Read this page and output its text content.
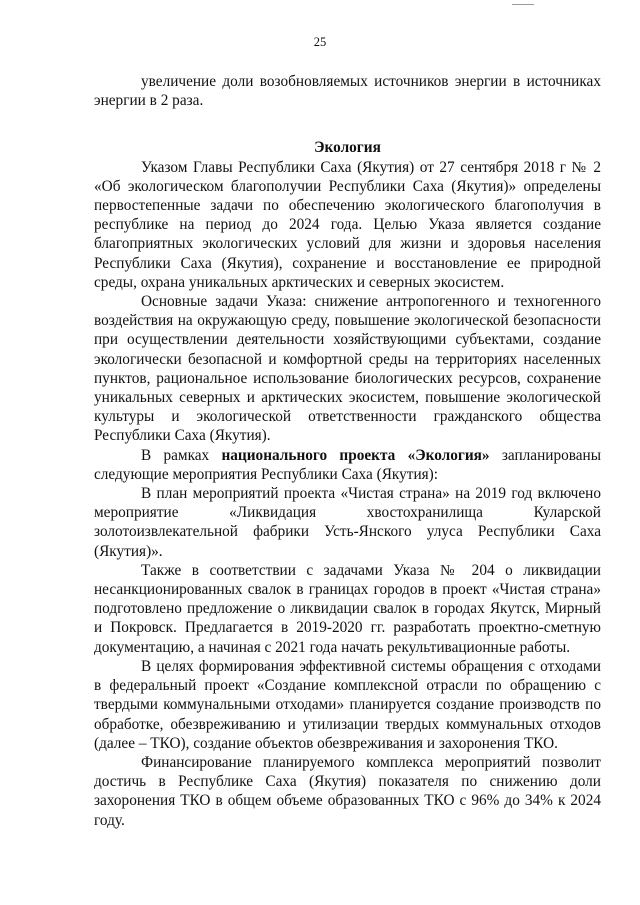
25

увеличение доли возобновляемых источников энергии в источниках энергии в 2 раза.

Экология

Указом Главы Республики Саха (Якутия) от 27 сентября 2018 г № 2 «Об экологическом благополучии Республики Саха (Якутия)» определены первостепенные задачи по обеспечению экологического благополучия в республике на период до 2024 года. Целью Указа является создание благоприятных экологических условий для жизни и здоровья населения Республики Саха (Якутия), сохранение и восстановление ее природной среды, охрана уникальных арктических и северных экосистем.

Основные задачи Указа: снижение антропогенного и техногенного воздействия на окружающую среду, повышение экологической безопасности при осуществлении деятельности хозяйствующими субъектами, создание экологически безопасной и комфортной среды на территориях населенных пунктов, рациональное использование биологических ресурсов, сохранение уникальных северных и арктических экосистем, повышение экологической культуры и экологической ответственности гражданского общества Республики Саха (Якутия).

В рамках национального проекта «Экология» запланированы следующие мероприятия Республики Саха (Якутия):

В план мероприятий проекта «Чистая страна» на 2019 год включено мероприятие «Ликвидация хвостохранилища Куларской золотоизвлекательной фабрики Усть-Янского улуса Республики Саха (Якутия)».

Также в соответствии с задачами Указа № 204 о ликвидации несанкционированных свалок в границах городов в проект «Чистая страна» подготовлено предложение о ликвидации свалок в городах Якутск, Мирный и Покровск. Предлагается в 2019-2020 гг. разработать проектно-сметную документацию, а начиная с 2021 года начать рекультивационные работы.

В целях формирования эффективной системы обращения с отходами в федеральный проект «Создание комплексной отрасли по обращению с твердыми коммунальными отходами» планируется создание производств по обработке, обезвреживанию и утилизации твердых коммунальных отходов (далее – ТКО), создание объектов обезвреживания и захоронения ТКО.

Финансирование планируемого комплекса мероприятий позволит достичь в Республике Саха (Якутия) показателя по снижению доли захоронения ТКО в общем объеме образованных ТКО с 96% до 34% к 2024 году.
